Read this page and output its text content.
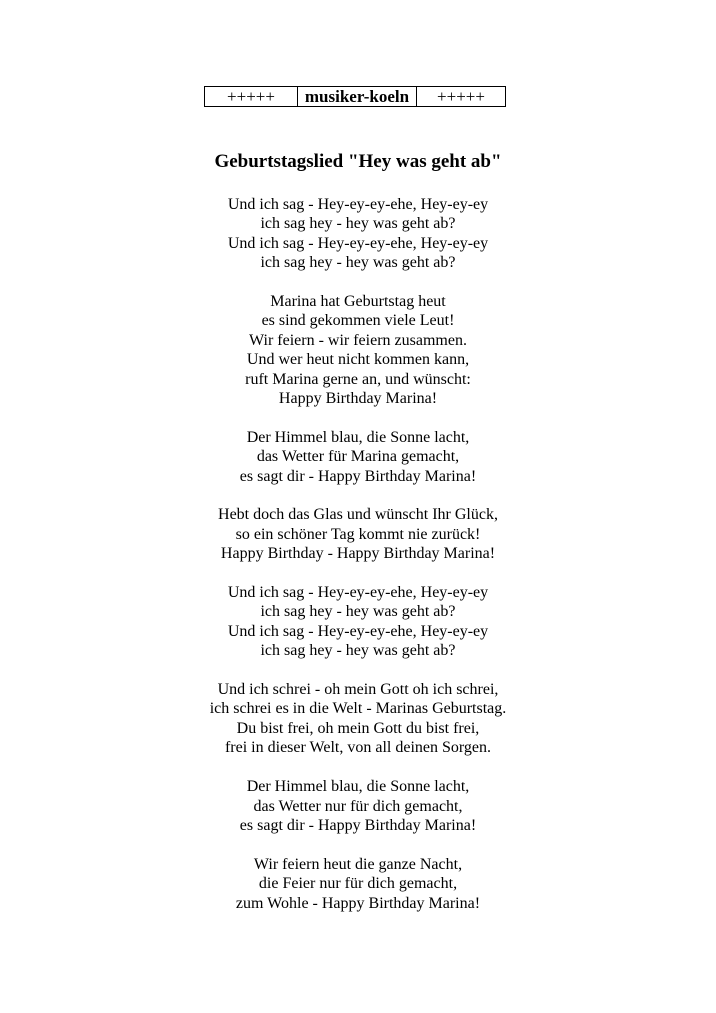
+++++	musiker-koeln	+++++
Geburtstagslied "Hey was geht ab"
Und ich sag - Hey-ey-ey-ehe, Hey-ey-ey
ich sag hey - hey was geht ab?
Und ich sag - Hey-ey-ey-ehe, Hey-ey-ey
ich sag hey - hey was geht ab?
Marina hat Geburtstag heut
es sind gekommen viele Leut!
Wir feiern - wir feiern zusammen.
Und wer heut nicht kommen kann,
ruft Marina gerne an, und wünscht:
Happy Birthday Marina!
Der Himmel blau, die Sonne lacht,
das Wetter für Marina gemacht,
es sagt dir - Happy Birthday Marina!
Hebt doch das Glas und wünscht Ihr Glück,
so ein schöner Tag kommt nie zurück!
Happy Birthday - Happy Birthday Marina!
Und ich sag - Hey-ey-ey-ehe, Hey-ey-ey
ich sag hey - hey was geht ab?
Und ich sag - Hey-ey-ey-ehe, Hey-ey-ey
ich sag hey - hey was geht ab?
Und ich schrei - oh mein Gott oh ich schrei,
ich schrei es in die Welt - Marinas Geburtstag.
Du bist frei, oh mein Gott du bist frei,
frei in dieser Welt, von all deinen Sorgen.
Der Himmel blau, die Sonne lacht,
das Wetter nur für dich gemacht,
es sagt dir - Happy Birthday Marina!
Wir feiern heut die ganze Nacht,
die Feier nur für dich gemacht,
zum Wohle - Happy Birthday Marina!
